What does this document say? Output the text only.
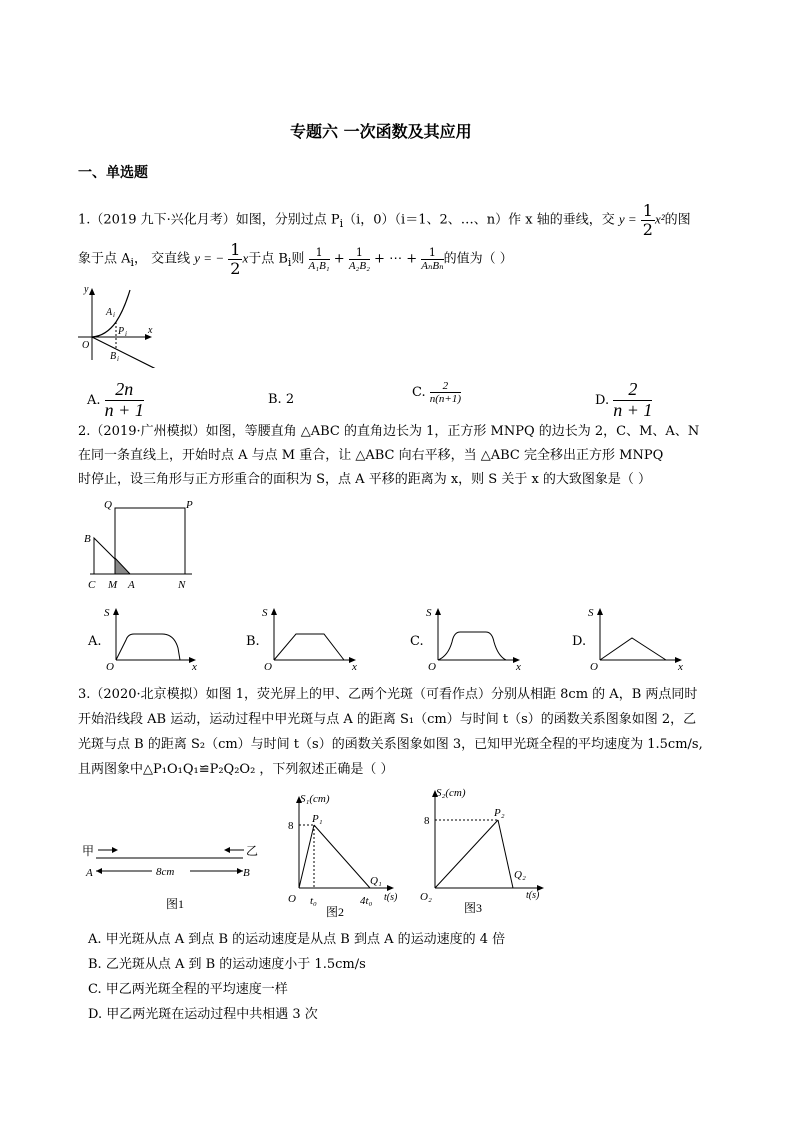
专题六 一次函数及其应用
一、单选题
1.（2019 九下·兴化月考）如图，分别过点 $P_i(i$，0）（i＝1、2、…、n）作 x 轴的垂线，交 $y = \frac{1}{2} x^2$的图
象于点 $A_i$， 交直线 y = − $\frac{1}{2}$ x于点 $B_i$则 $\frac{1}{\text{A₁B₁}} + \frac{1}{\text{A₂B₂}}$ + ⋯ + $\frac{1}{\text{AₙBₙ}}$ 的值为（ ）
y
x
O
A i
P i
B i
A. $\frac{2n}{n + 1}$	B. 2	C. $\frac{2}{n(n+1)}$	D. $\frac{2}{n + 1}$
2.（2019·广州模拟）如图，等腰直角 △ABC 的直角边长为 1，正方形 MNPQ 的边长为 2，C、M、A、N
在同一条直线上，开始时点 A 与点 M 重合，让 △ABC 向右平移，当 △ABC 完全移出正方形 MNPQ
时停止，设三角形与正方形重合的面积为 S，点 A 平移的距离为 x，则 S 关于 x 的大致图象是（ ）
Q	P
B
C M A	N
A.
S
O	x
B.
S
O	x
C.
S
O	x
D.
S
O	x
3.（2020·北京模拟）如图 1，荧光屏上的甲、乙两个光斑（可看作点）分别从相距 8cm 的 A，B 两点同时
开始沿线段 AB 运动，运动过程中甲光斑与点 A 的距离 S₁（cm）与时间 t（s）的函数关系图象如图 2，乙
光斑与点 B 的距离 S₂（cm）与时间 t（s）的函数关系图象如图 3，已知甲光斑全程的平均速度为 1.5cm/s,
且两图象中△P₁O₁Q₁≌P₂Q₂O₂ ，下列叙述正确是（ ）
甲	乙
A	B
8cm
图1
S₁(cm)
8
P₁
O t₀	4t₀
Q₁
t(s)
图2
S₂(cm)
8
P₂
O₂
Q₂
t(s)
图3
A. 甲光斑从点 A 到点 B 的运动速度是从点 B 到点 A 的运动速度的 4 倍
B. 乙光斑从点 A 到 B 的运动速度小于 1.5cm/s
C. 甲乙两光斑全程的平均速度一样
D. 甲乙两光斑在运动过程中共相遇 3 次
